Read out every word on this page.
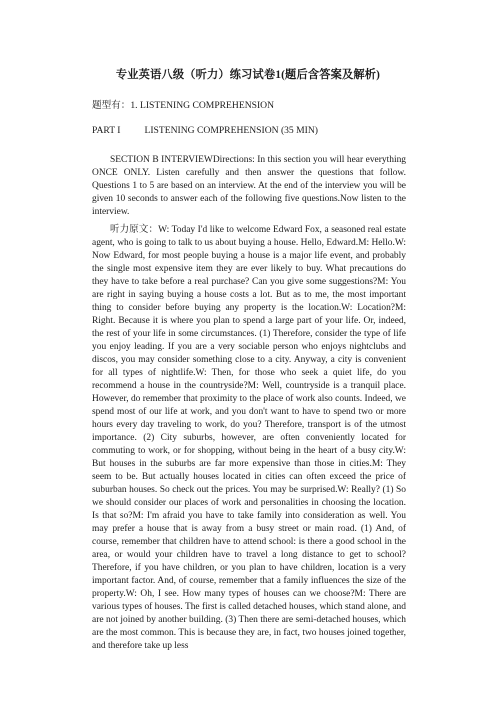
专业英语八级（听力）练习试卷1(题后含答案及解析)
题型有：1. LISTENING COMPREHENSION
PART I	LISTENING COMPREHENSION (35 MIN)

SECTION B INTERVIEWDirections: In this section you will hear everything ONCE ONLY. Listen carefully and then answer the questions that follow. Questions 1 to 5 are based on an interview. At the end of the interview you will be given 10 seconds to answer each of the following five questions.Now listen to the interview.

听力原文：W: Today I'd like to welcome Edward Fox, a seasoned real estate agent, who is going to talk to us about buying a house. Hello, Edward.M: Hello.W: Now Edward, for most people buying a house is a major life event, and probably the single most expensive item they are ever likely to buy. What precautions do they have to take before a real purchase? Can you give some suggestions?M: You are right in saying buying a house costs a lot. But as to me, the most important thing to consider before buying any property is the location.W: Location?M: Right. Because it is where you plan to spend a large part of your life. Or, indeed, the rest of your life in some circumstances. (1) Therefore, consider the type of life you enjoy leading. If you are a very sociable person who enjoys nightclubs and discos, you may consider something close to a city. Anyway, a city is convenient for all types of nightlife.W: Then, for those who seek a quiet life, do you recommend a house in the countryside?M: Well, countryside is a tranquil place. However, do remember that proximity to the place of work also counts. Indeed, we spend most of our life at work, and you don't want to have to spend two or more hours every day traveling to work, do you? Therefore, transport is of the utmost importance. (2) City suburbs, however, are often conveniently located for commuting to work, or for shopping, without being in the heart of a busy city.W: But houses in the suburbs are far more expensive than those in cities.M: They seem to be. But actually houses located in cities can often exceed the price of suburban houses. So check out the prices. You may be surprised.W: Really? (1) So we should consider our places of work and personalities in choosing the location. Is that so?M: I'm afraid you have to take family into consideration as well. You may prefer a house that is away from a busy street or main road. (1) And, of course, remember that children have to attend school: is there a good school in the area, or would your children have to travel a long distance to get to school? Therefore, if you have children, or you plan to have children, location is a very important factor. And, of course, remember that a family influences the size of the property.W: Oh, I see. How many types of houses can we choose?M: There are various types of houses. The first is called detached houses, which stand alone, and are not joined by another building. (3) Then there are semi-detached houses, which are the most common. This is because they are, in fact, two houses joined together, and therefore take up less
